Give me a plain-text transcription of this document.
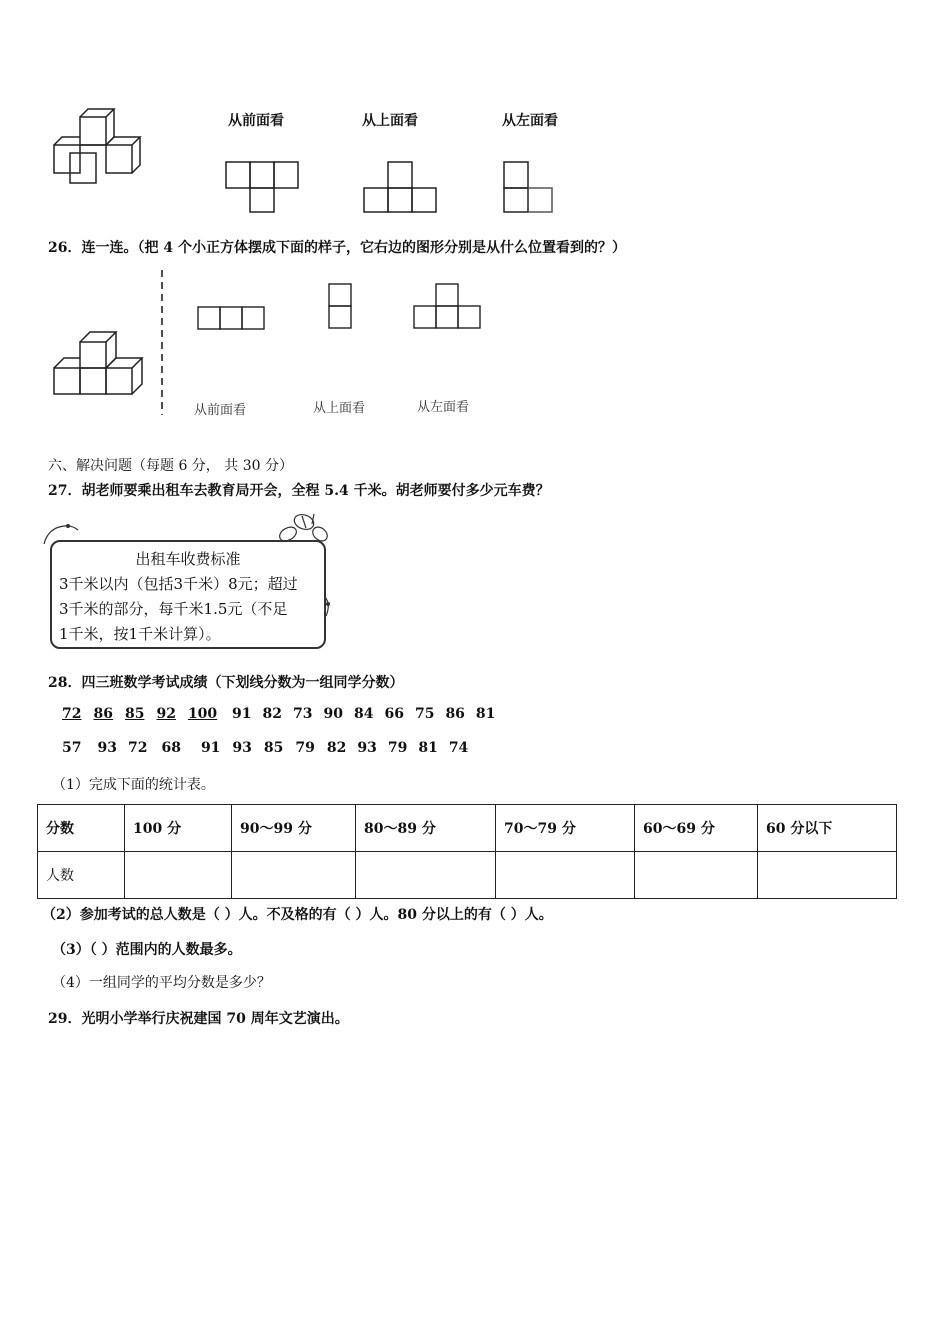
从前面看	从上面看	从左面看
26．连一连。（把 4 个小正方体摆成下面的样子，它右边的图形分别是从什么位置看到的？）
从前面看	从上面看	从左面看
六、解决问题（每题 6 分， 共 30 分）
27．胡老师要乘出租车去教育局开会，全程 5.4 千米。胡老师要付多少元车费？
出租车收费标准
3千米以内（包括3千米）8元；超过
3千米的部分，每千米1.5元（不足
1千米，按1千米计算）。
28．四三班数学考试成绩（下划线分数为一组同学分数）
72 86 85 92 100 91 82 73 90 84 66 75 86 81
57 93 72 68 91 93 85 79 82 93 79 81 74
（1）完成下面的统计表。
分数	100 分	90～99 分	80～89 分	70～79 分	60～69 分	60 分以下
人数						
（2）参加考试的总人数是（ ）人。不及格的有（ ）人。80 分以上的有（ ）人。
（3）（ ）范围内的人数最多。
（4）一组同学的平均分数是多少？
29．光明小学举行庆祝建国 70 周年文艺演出。
